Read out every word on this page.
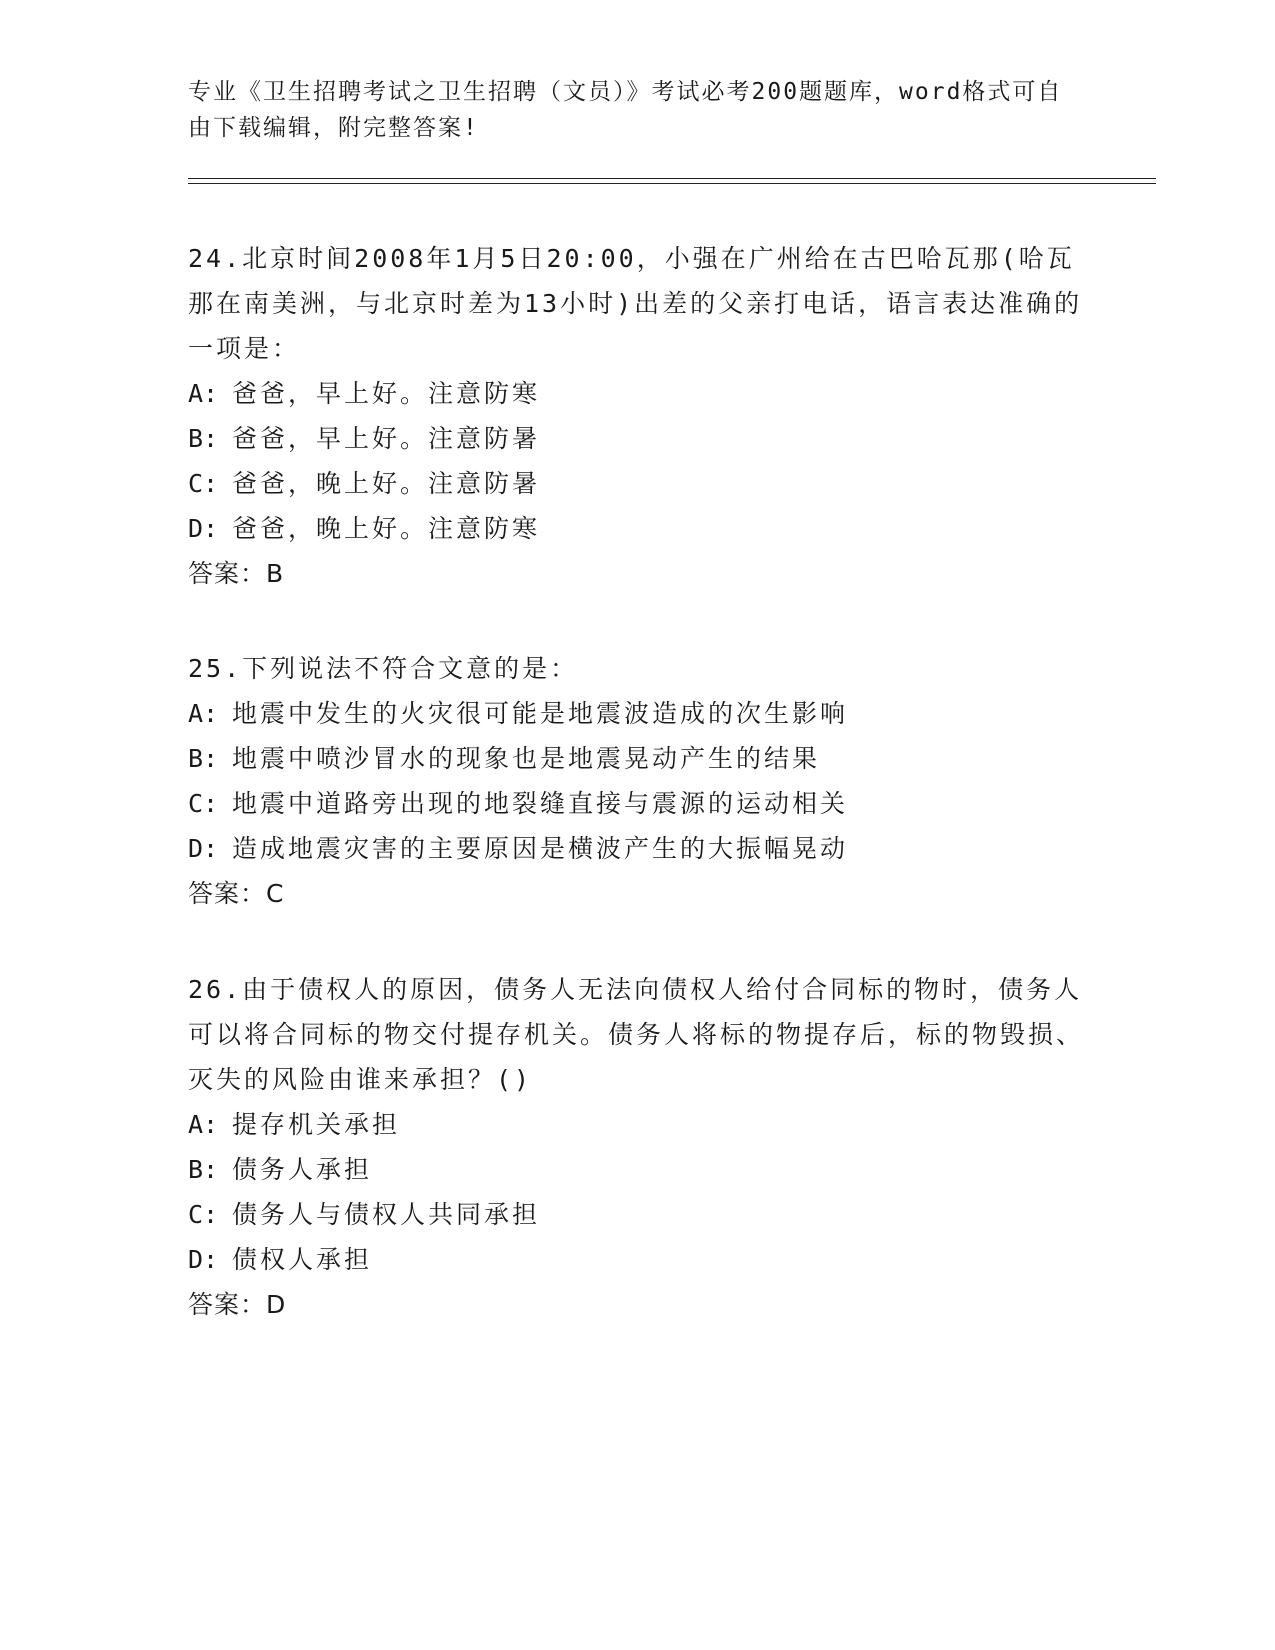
专业《卫生招聘考试之卫生招聘（文员）》考试必考200题题库，word格式可自由下载编辑，附完整答案!
24.北京时间2008年1月5日20:00，小强在广州给在古巴哈瓦那(哈瓦那在南美洲，与北京时差为13小时)出差的父亲打电话，语言表达准确的一项是：
A: 爸爸，早上好。注意防寒
B: 爸爸，早上好。注意防暑
C: 爸爸，晚上好。注意防暑
D: 爸爸，晚上好。注意防寒
答案：B
25.下列说法不符合文意的是：
A: 地震中发生的火灾很可能是地震波造成的次生影响
B: 地震中喷沙冒水的现象也是地震晃动产生的结果
C: 地震中道路旁出现的地裂缝直接与震源的运动相关
D: 造成地震灾害的主要原因是横波产生的大振幅晃动
答案：C
26.由于债权人的原因，债务人无法向债权人给付合同标的物时，债务人可以将合同标的物交付提存机关。债务人将标的物提存后，标的物毁损、灭失的风险由谁来承担？()
A: 提存机关承担
B: 债务人承担
C: 债务人与债权人共同承担
D: 债权人承担
答案：D
